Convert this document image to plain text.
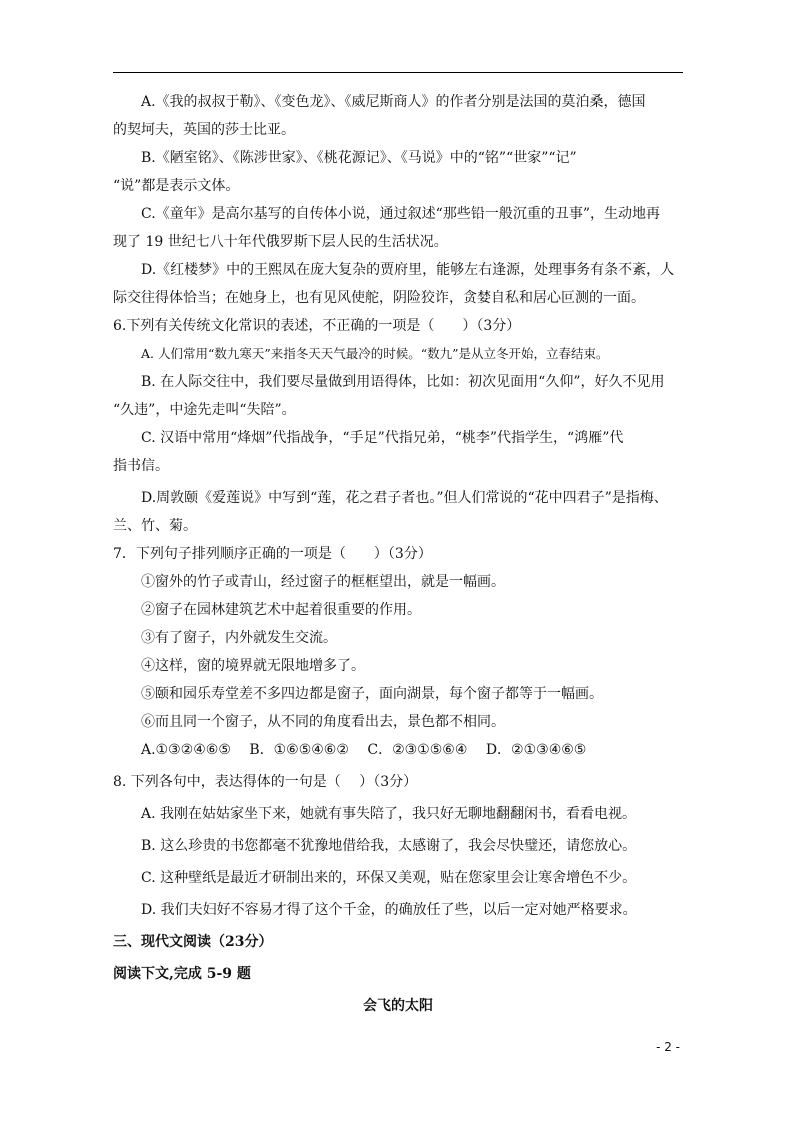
A.《我的叔叔于勒》、《变色龙》、《威尼斯商人》的作者分别是法国的莫泊桑，德国
的契坷夫，英国的莎士比亚。
B.《陋室铭》、《陈涉世家》、《桃花源记》、《马说》中的“铭”“世家”“记”
“说”都是表示文体。
C.《童年》是高尔基写的自传体小说，通过叙述“那些铅一般沉重的丑事”，生动地再
现了 19 世纪七八十年代俄罗斯下层人民的生活状况。
D.《红楼梦》中的王熙凤在庞大复杂的贾府里，能够左右逢源，处理事务有条不紊，人
际交往得体恰当；在她身上，也有见风使舵，阴险狡诈，贪婪自私和居心叵测的一面。
6.下列有关传统文化常识的表述，不正确的一项是（　　）（3分）
A. 人们常用“数九寒天”来指冬天天气最冷的时候。“数九”是从立冬开始，立春结束。
B. 在人际交往中，我们要尽量做到用语得体，比如：初次见面用“久仰”，好久不见用
“久违”，中途先走叫“失陪”。
C. 汉语中常用“烽烟”代指战争，“手足”代指兄弟，“桃李”代指学生，“鸿雁”代
指书信。
D.周敦颐《爱莲说》中写到“莲，花之君子者也。”但人们常说的“花中四君子”是指梅、
兰、竹、菊。
7．下列句子排列顺序正确的一项是（　　）（3分）
①窗外的竹子或青山，经过窗子的框框望出，就是一幅画。
②窗子在园林建筑艺术中起着很重要的作用。
③有了窗子，内外就发生交流。
④这样，窗的境界就无限地增多了。
⑤颐和园乐寿堂差不多四边都是窗子，面向湖景，每个窗子都等于一幅画。
⑥而且同一个窗子，从不同的角度看出去，景色都不相同。
A.①③②④⑥⑤　 B．①⑥⑤④⑥②　 C．②③①⑤⑥④　 D．②①③④⑥⑤
8. 下列各句中，表达得体的一句是（　 ）（3分）
A. 我刚在姑姑家坐下来，她就有事失陪了，我只好无聊地翻翻闲书，看看电视。
B. 这么珍贵的书您都毫不犹豫地借给我，太感谢了，我会尽快璧还，请您放心。
C. 这种壁纸是最近才研制出来的，环保又美观，贴在您家里会让寒舍增色不少。
D. 我们夫妇好不容易才得了这个千金，的确放任了些，以后一定对她严格要求。
三、现代文阅读（23分）
阅读下文,完成 5-9 题
会飞的太阳
- 2 -
